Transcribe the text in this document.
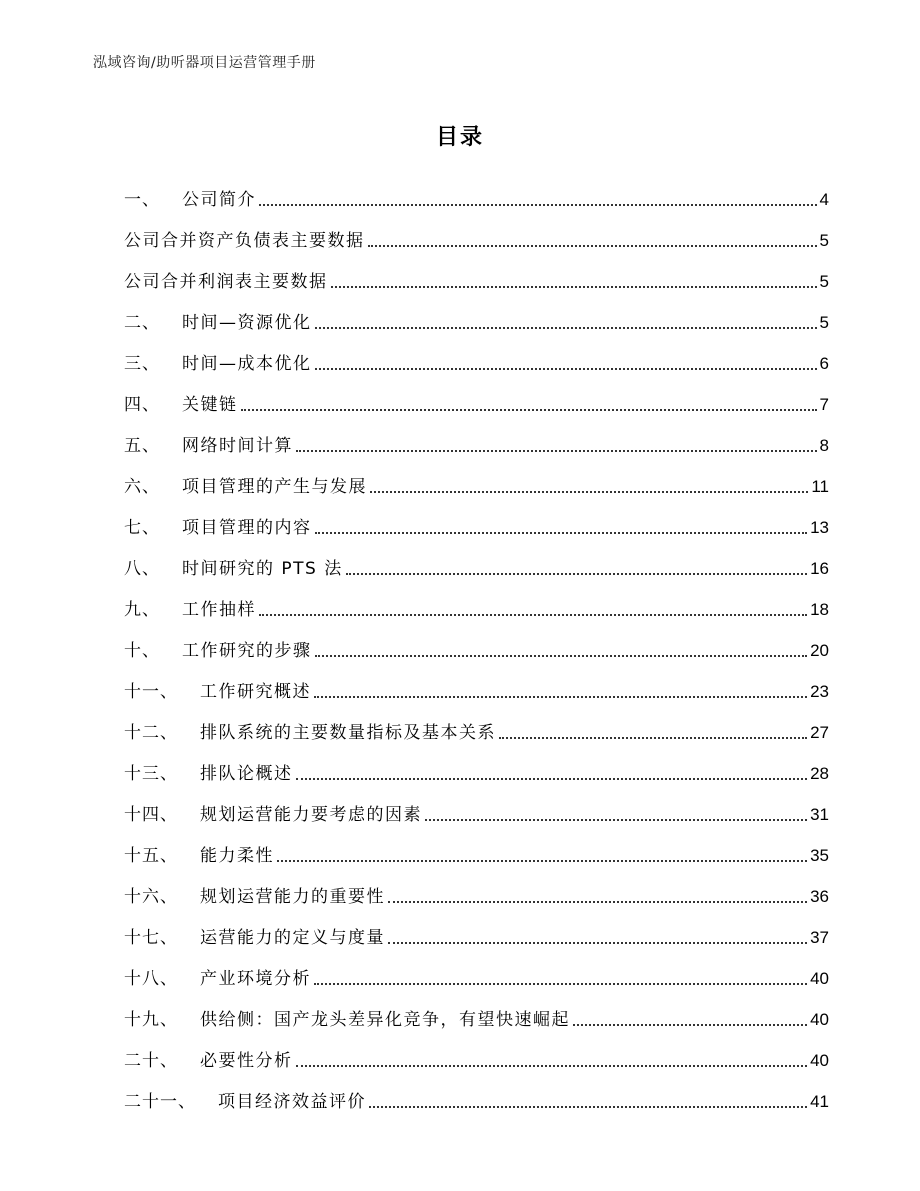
泓域咨询/助听器项目运营管理手册
目录
一、 公司简介	4
公司合并资产负债表主要数据	5
公司合并利润表主要数据	5
二、 时间—资源优化	5
三、 时间—成本优化	6
四、 关键链	7
五、 网络时间计算	8
六、 项目管理的产生与发展	11
七、 项目管理的内容	13
八、 时间研究的 PTS 法	16
九、 工作抽样	18
十、 工作研究的步骤	20
十一、 工作研究概述	23
十二、 排队系统的主要数量指标及基本关系	27
十三、 排队论概述	28
十四、 规划运营能力要考虑的因素	31
十五、 能力柔性	35
十六、 规划运营能力的重要性	36
十七、 运营能力的定义与度量	37
十八、 产业环境分析	40
十九、 供给侧：国产龙头差异化竞争，有望快速崛起	40
二十、 必要性分析	40
二十一、 项目经济效益评价	41
